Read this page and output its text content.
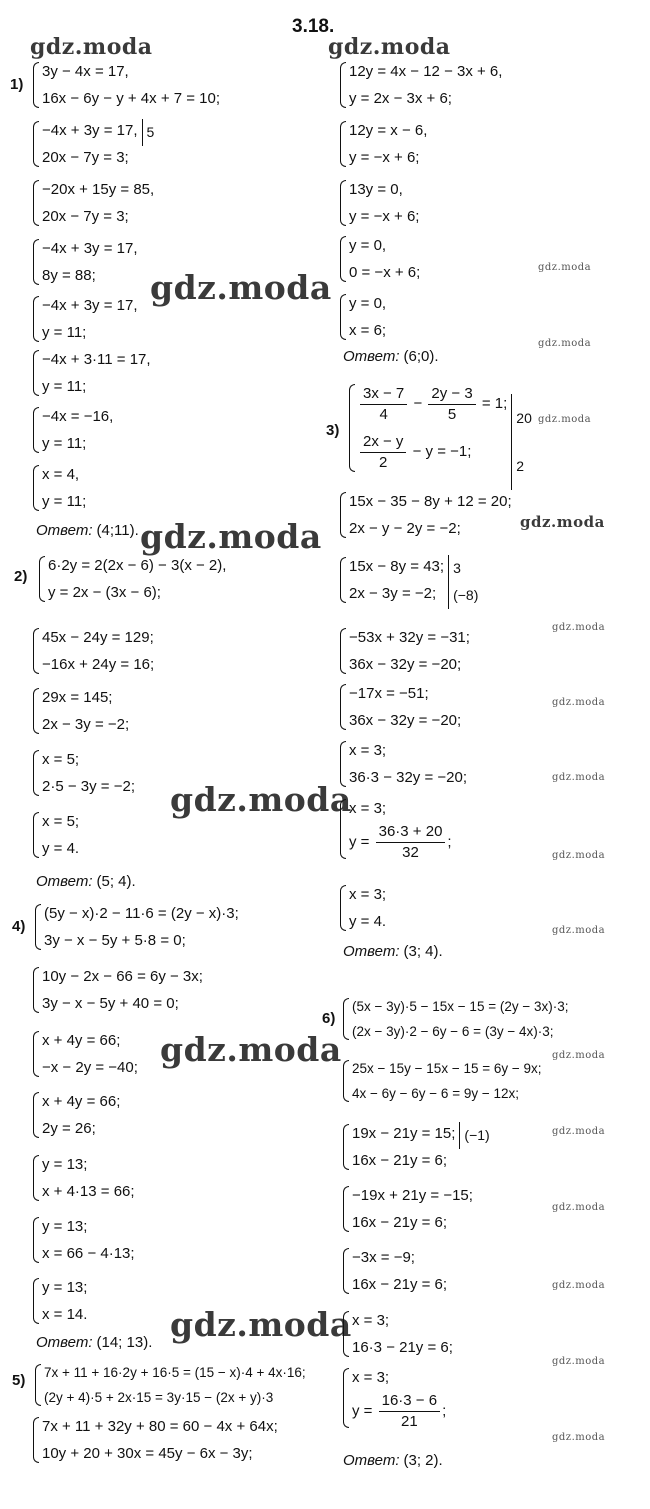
3.18.
gdz.moda	gdz.moda
gdz.moda
gdz.moda
gdz.moda
gdz.moda
gdz.moda
gdz.moda
gdz.moda
gdz.moda
gdz.moda
gdz.moda
gdz.moda
gdz.moda
gdz.moda
gdz.moda
gdz.moda
gdz.moda
gdz.moda
gdz.moda
gdz.moda
gdz.moda
1)
3y − 4x = 17,
16x − 6y − y + 4x + 7 = 10;
−4x + 3y = 17,
20x − 7y = 3;
5
−20x + 15y = 85,
20x − 7y = 3;
−4x + 3y = 17,
8y = 88;
−4x + 3y = 17,
y = 11;
−4x + 3·11 = 17,
y = 11;
−4x = −16,
y = 11;
x = 4,
y = 11;
Ответ: (4;11).
12y = 4x − 12 − 3x + 6,
y = 2x − 3x + 6;
12y = x − 6,
y = −x + 6;
13y = 0,
y = −x + 6;
y = 0,
0 = −x + 6;
y = 0,
x = 6;
Ответ: (6;0).
2)
6·2y = 2(2x − 6) − 3(x − 2),
y = 2x − (3x − 6);
45x − 24y = 129;
−16x + 24y = 16;
29x = 145;
2x − 3y = −2;
x = 5;
2·5 − 3y = −2;
x = 5;
y = 4.
Ответ: (5; 4).
3)
$\frac{3x - 7}{4} - \frac{2y - 3}{5} = 1$;
$\frac{2x - y}{2} - y = -1$;
20
2
15x − 35 − 8y + 12 = 20;
2x − y − 2y = −2;
15x − 8y = 43;
2x − 3y = −2;
3
(−8)
−53x + 32y = −31;
36x − 32y = −20;
−17x = −51;
36x − 32y = −20;
x = 3;
36·3 − 32y = −20;
x = 3;
$y = \frac{36\cdot 3 + 20}{32}$ ;
x = 3;
y = 4.
Ответ: (3; 4).
4)
(5y − x)·2 − 11·6 = (2y − x)·3;
3y − x − 5y + 5·8 = 0;
10y − 2x − 66 = 6y − 3x;
3y − x − 5y + 40 = 0;
x + 4y = 66;
−x − 2y = −40;
x + 4y = 66;
2y = 26;
y = 13;
x + 4·13 = 66;
y = 13;
x = 66 − 4·13;
y = 13;
x = 14.
Ответ: (14; 13).
5) 7x + 11 + 16·2y + 16·5 = (15 − x)·4 + 4x·16;
(2y + 4)·5 + 2x·15 = 3y·15 − (2x + y)·3
7x + 11 + 32y + 80 = 60 − 4x + 64x;
10y + 20 + 30x = 45y − 6x − 3y;
6)
(5x − 3y)·5 − 15x − 15 = (2y − 3x)·3;
(2x − 3y)·2 − 6y − 6 = (3y − 4x)·3;
25x − 15y − 15x − 15 = 6y − 9x;
4x − 6y − 6y − 6 = 9y − 12x;
19x − 21y = 15;
16x − 21y = 6;
(−1)
−19x + 21y = −15;
16x − 21y = 6;
−3x = −9;
16x − 21y = 6;
x = 3;
16·3 − 21y = 6;
x = 3;
$y = \frac{16\cdot 3 - 6}{21}$ ;
Ответ: (3; 2).
